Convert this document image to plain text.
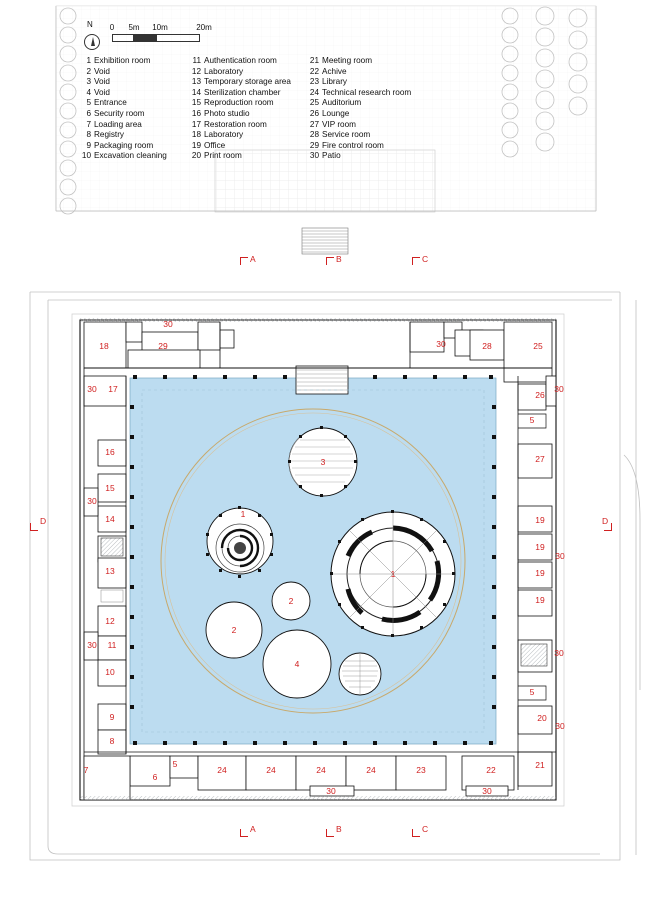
N 0 5m 10m	20m
1 Exhibition room
2 Void
3 Void
4 Void
5 Entrance
6 Security room
7 Loading area
8 Registry
9 Packaging room
10 Excavation cleaning
11 Authentication room
12 Laboratory
13 Temporary storage area
14 Sterilization chamber
15 Reproduction room
16 Photo studio
17 Restoration room
18 Laboratory
19 Office
20 Print room
21 Meeting room
22 Achive
23 Library
24 Technical research room
25 Auditorium
26 Lounge
27 VIP room
28 Service room
29 Fire control room
30 Patio
A	B	C
A	B	C
D	D
30
18	29	30	28	25
30 17
26
30
5
16
27
15
30
19
14
19
30
13	19
1
3
1
2
2
4
19
12
30 11
30
10
5
9	20
30
8
7
6
5	21
24	24	24	24	23	22
30	30
